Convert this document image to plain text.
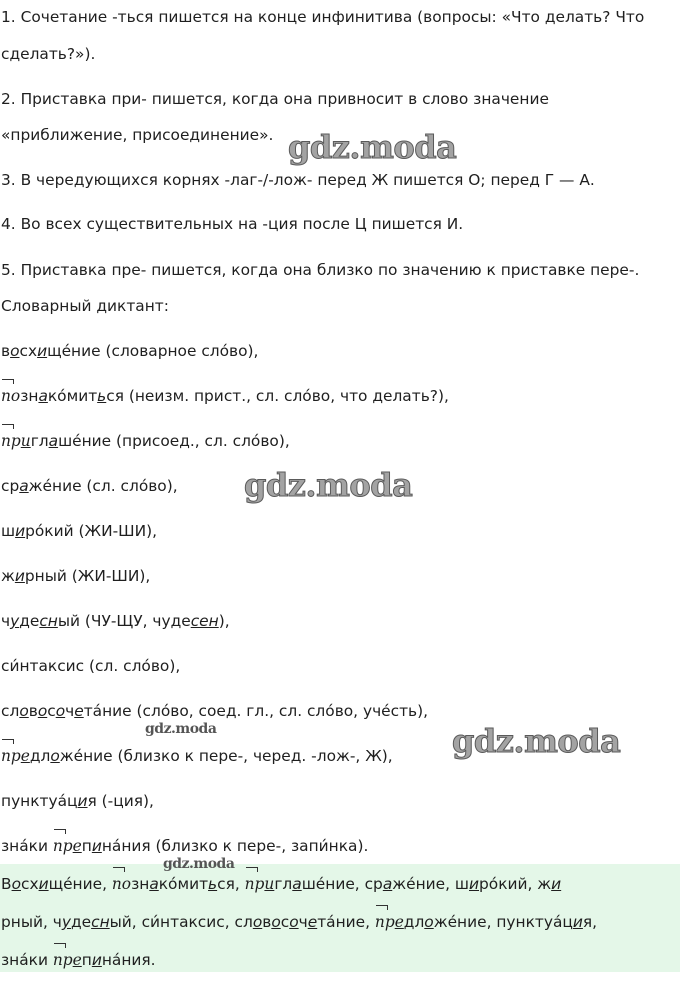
1. Сочетание -ться пишется на конце инфинитива (вопросы: «Что делать? Что
сделать?»).
2. Приставка при- пишется, когда она привносит в слово значение
«приближение, присоединение».
3. В чередующихся корнях -лаг-/-лож- перед Ж пишется О; перед Г — А.
4. Во всех существительных на -ция после Ц пишется И.
5. Приставка пре- пишется, когда она близко по значению к приставке пере-.
Словарный диктант:
восхище́ние (словарное сло́во),
познако́миться (неизм. прист., сл. сло́во, что делать?),
приглаше́ние (присоед., сл. сло́во),
сраже́ние (сл. сло́во),
широ́кий (ЖИ-ШИ),
жирный (ЖИ-ШИ),
чудесный (ЧУ-ЩУ, чудесен),
си́нтаксис (сл. сло́во),
словосочета́ние (сло́во, соед. гл., сл. сло́во, уче́сть),
предложе́ние (близко к пере-, черед. -лож-, Ж),
пунктуа́ция (-ция),
зна́ки препина́ния (близко к пере-, запи́нка).
Восхище́ние, познако́миться, приглаше́ние, сраже́ние, широ́кий, жи
рный, чудесный, си́нтаксис, словосочета́ние, предложе́ние, пунктуа́ция,
зна́ки препина́ния.
gdz.moda
gdz.moda
gdz.moda
gdz.moda
gdz.moda
